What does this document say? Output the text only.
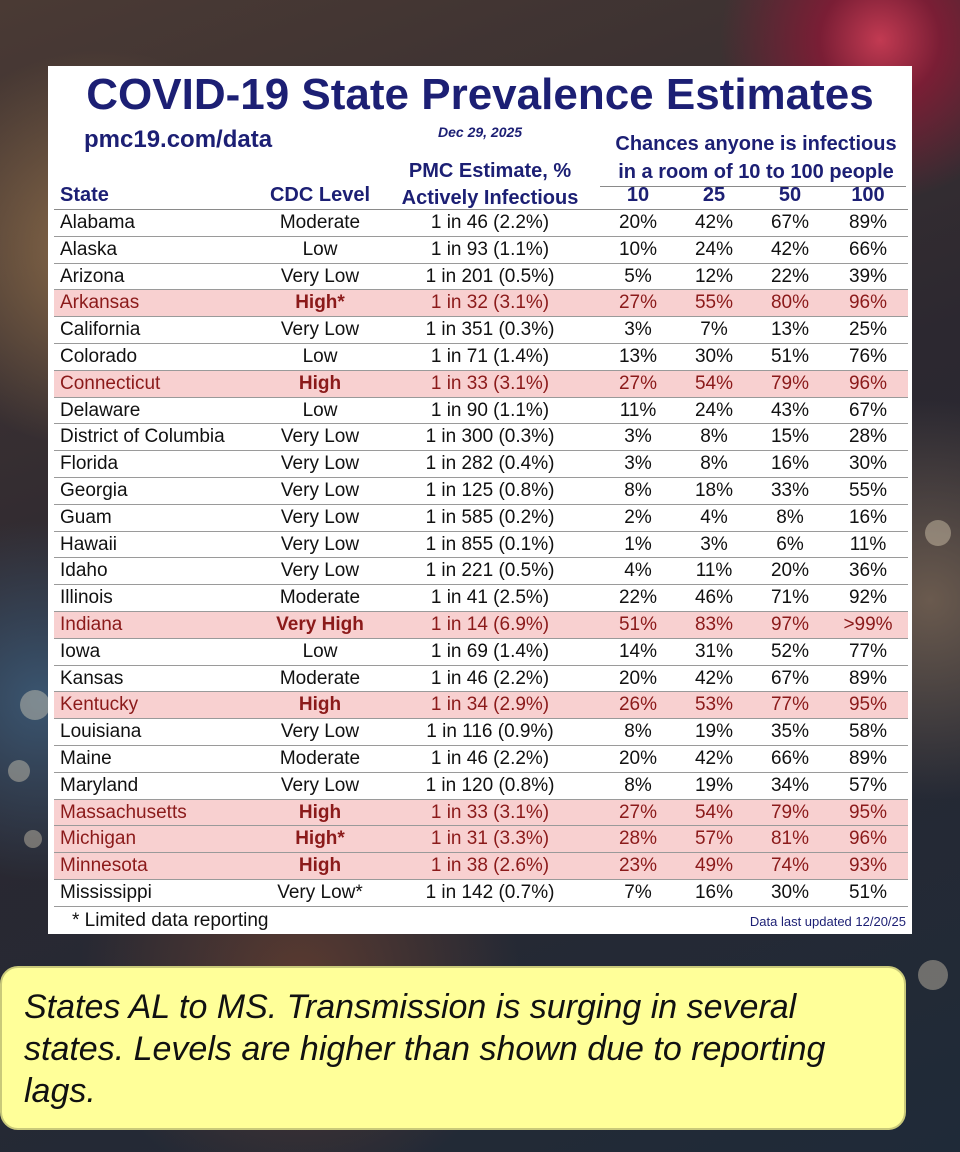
COVID-19 State Prevalence Estimates
pmc19.com/data	Dec 29, 2025
Chances anyone is infectious
in a room of 10 to 100 people
PMC Estimate, %
Actively Infectious
State	CDC Level	10	25	50	100
Alabama	Moderate	1 in 46 (2.2%)	20%	42%	67%	89%
Alaska	Low	1 in 93 (1.1%)	10%	24%	42%	66%
Arizona	Very Low	1 in 201 (0.5%)	5%	12%	22%	39%
Arkansas	High*	1 in 32 (3.1%)	27%	55%	80%	96%
California	Very Low	1 in 351 (0.3%)	3%	7%	13%	25%
Colorado	Low	1 in 71 (1.4%)	13%	30%	51%	76%
Connecticut	High	1 in 33 (3.1%)	27%	54%	79%	96%
Delaware	Low	1 in 90 (1.1%)	11%	24%	43%	67%
District of Columbia	Very Low	1 in 300 (0.3%)	3%	8%	15%	28%
Florida	Very Low	1 in 282 (0.4%)	3%	8%	16%	30%
Georgia	Very Low	1 in 125 (0.8%)	8%	18%	33%	55%
Guam	Very Low	1 in 585 (0.2%)	2%	4%	8%	16%
Hawaii	Very Low	1 in 855 (0.1%)	1%	3%	6%	11%
Idaho	Very Low	1 in 221 (0.5%)	4%	11%	20%	36%
Illinois	Moderate	1 in 41 (2.5%)	22%	46%	71%	92%
Indiana	Very High	1 in 14 (6.9%)	51%	83%	97%	>99%
Iowa	Low	1 in 69 (1.4%)	14%	31%	52%	77%
Kansas	Moderate	1 in 46 (2.2%)	20%	42%	67%	89%
Kentucky	High	1 in 34 (2.9%)	26%	53%	77%	95%
Louisiana	Very Low	1 in 116 (0.9%)	8%	19%	35%	58%
Maine	Moderate	1 in 46 (2.2%)	20%	42%	66%	89%
Maryland	Very Low	1 in 120 (0.8%)	8%	19%	34%	57%
Massachusetts	High	1 in 33 (3.1%)	27%	54%	79%	95%
Michigan	High*	1 in 31 (3.3%)	28%	57%	81%	96%
Minnesota	High	1 in 38 (2.6%)	23%	49%	74%	93%
Mississippi	Very Low*	1 in 142 (0.7%)	7%	16%	30%	51%
* Limited data reporting	Data last updated 12/20/25
States AL to MS. Transmission is surging in several states. Levels are higher than shown due to reporting lags.
